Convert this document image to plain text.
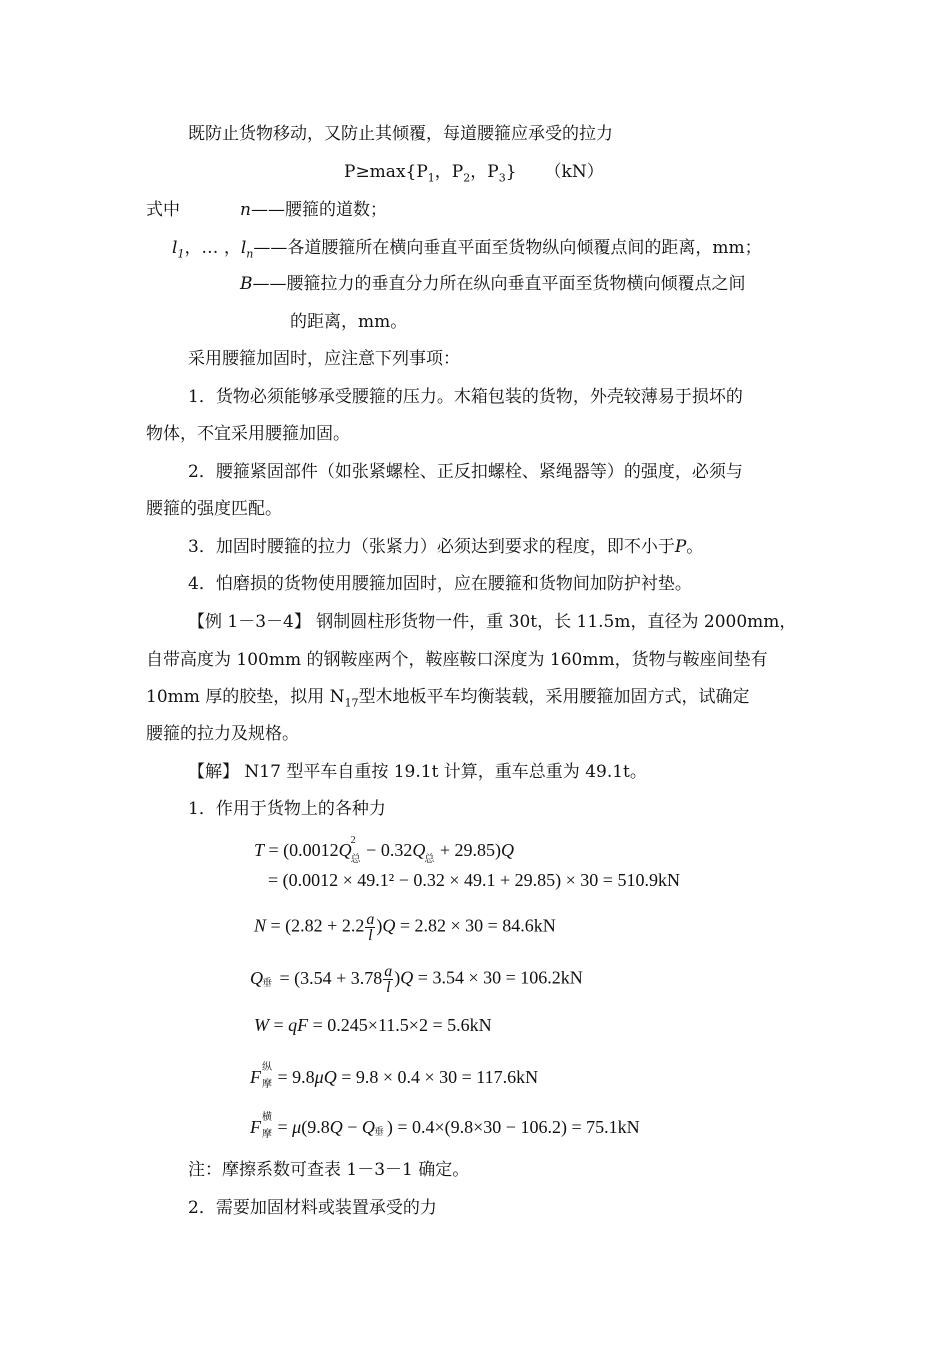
既防止货物移动，又防止其倾覆，每道腰箍应承受的拉力
$P\ge\max\{P_1$，$P_2$，$P_3$} （kN）
式中	n——腰箍的道数；
$l_1$，… ，$l_n——$各道腰箍所在横向垂直平面至货物纵向倾覆点间的距离，mm；
B——腰箍拉力的垂直分力所在纵向垂直平面至货物横向倾覆点之间
的距离，mm。
采用腰箍加固时，应注意下列事项：
1．货物必须能够承受腰箍的压力。木箱包装的货物，外壳较薄易于损坏的
物体，不宜采用腰箍加固。
2．腰箍紧固部件（如张紧螺栓、正反扣螺栓、紧绳器等）的强度，必须与
腰箍的强度匹配。
3．加固时腰箍的拉力（张紧力）必须达到要求的程度，即不小于P。
4．怕磨损的货物使用腰箍加固时，应在腰箍和货物间加防护衬垫。
【例 1－3－4】 钢制圆柱形货物一件，重 30t，长 11.5m，直径为 2000mm，
自带高度为 100mm 的钢鞍座两个，鞍座鞍口深度为 160mm，货物与鞍座间垫有
10mm 厚的胶垫，拟用 $N_{17}$型木地板平车均衡装载，采用腰箍加固方式，试确定
腰箍的拉力及规格。
【解】 N17 型平车自重按 19.1t 计算，重车总重为 49.1t。
1．作用于货物上的各种力
T = (0.0012Q 2
总 − 0.32Q 总 + 29.85)Q
= (0.0012 × 49.1² − 0.32 × 49.1 + 29.85) × 30 = 510.9kN
$N = (2.82 + 2.2 \frac{a}{l} )Q = 2.82 \times 30 = 84.6kN$
Q 垂 = $(3.54 + 3.78 \frac{a}{l} )Q = 3.54 \times 30 = 106.2kN$
W = qF = 0.245×11.5×2 = 5.6kN
F 纵
摩 = 9.8μQ = 9.8 × 0.4 × 30 = 117.6kN
F 横
摩 = μ(9.8Q − Q 垂 ) = 0.4×(9.8×30 − 106.2) = 75.1kN
注：摩擦系数可查表 1－3－1 确定。
2．需要加固材料或装置承受的力
